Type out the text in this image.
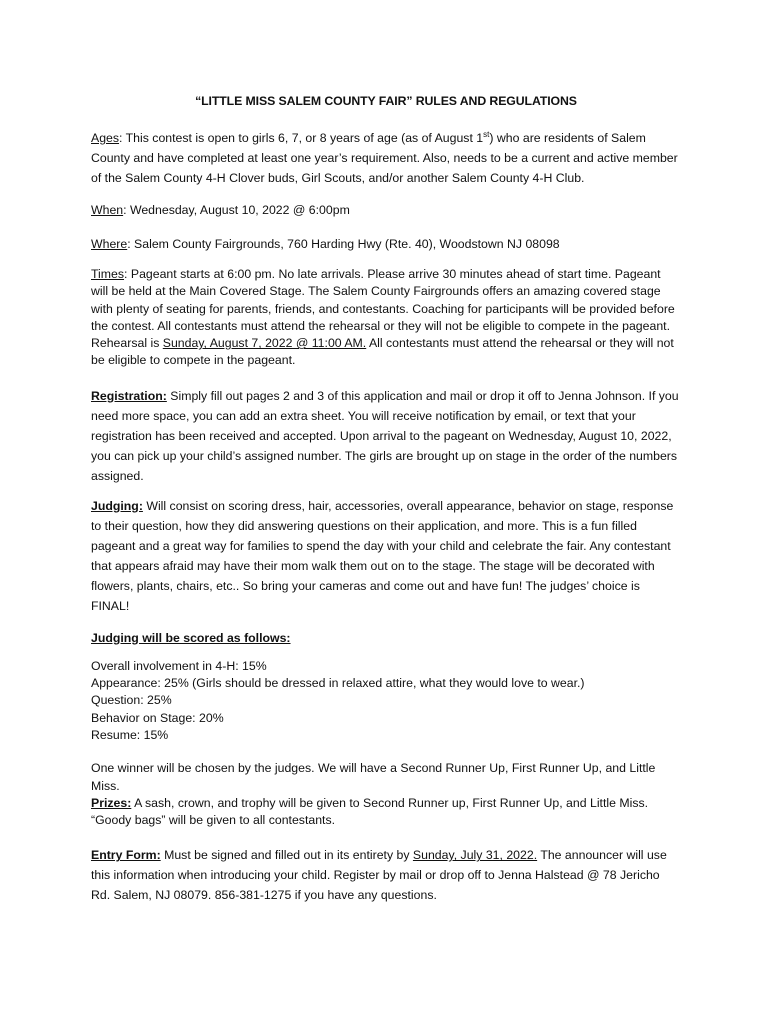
“LITTLE MISS SALEM COUNTY FAIR” RULES AND REGULATIONS

Ages: This contest is open to girls 6, 7, or 8 years of age (as of August 1st) who are residents of Salem County and have completed at least one year’s requirement. Also, needs to be a current and active member of the Salem County 4-H Clover buds, Girl Scouts, and/or another Salem County 4-H Club.

When: Wednesday, August 10, 2022 @ 6:00pm

Where: Salem County Fairgrounds, 760 Harding Hwy (Rte. 40), Woodstown NJ 08098

Times: Pageant starts at 6:00 pm. No late arrivals. Please arrive 30 minutes ahead of start time. Pageant will be held at the Main Covered Stage. The Salem County Fairgrounds offers an amazing covered stage with plenty of seating for parents, friends, and contestants. Coaching for participants will be provided before the contest. All contestants must attend the rehearsal or they will not be eligible to compete in the pageant. Rehearsal is Sunday, August 7, 2022 @ 11:00 AM. All contestants must attend the rehearsal or they will not be eligible to compete in the pageant.

Registration: Simply fill out pages 2 and 3 of this application and mail or drop it off to Jenna Johnson. If you need more space, you can add an extra sheet. You will receive notification by email, or text that your registration has been received and accepted. Upon arrival to the pageant on Wednesday, August 10, 2022, you can pick up your child’s assigned number. The girls are brought up on stage in the order of the numbers assigned.

Judging: Will consist on scoring dress, hair, accessories, overall appearance, behavior on stage, response to their question, how they did answering questions on their application, and more. This is a fun filled pageant and a great way for families to spend the day with your child and celebrate the fair. Any contestant that appears afraid may have their mom walk them out on to the stage. The stage will be decorated with flowers, plants, chairs, etc.. So bring your cameras and come out and have fun! The judges’ choice is FINAL!

Judging will be scored as follows:

Overall involvement in 4-H: 15%
Appearance: 25% (Girls should be dressed in relaxed attire, what they would love to wear.)
Question: 25%
Behavior on Stage: 20%
Resume: 15%

One winner will be chosen by the judges. We will have a Second Runner Up, First Runner Up, and Little Miss.

Prizes: A sash, crown, and trophy will be given to Second Runner up, First Runner Up, and Little Miss.
“Goody bags” will be given to all contestants.

Entry Form: Must be signed and filled out in its entirety by Sunday, July 31, 2022. The announcer will use this information when introducing your child. Register by mail or drop off to Jenna Halstead @ 78 Jericho Rd. Salem, NJ 08079. 856-381-1275 if you have any questions.
